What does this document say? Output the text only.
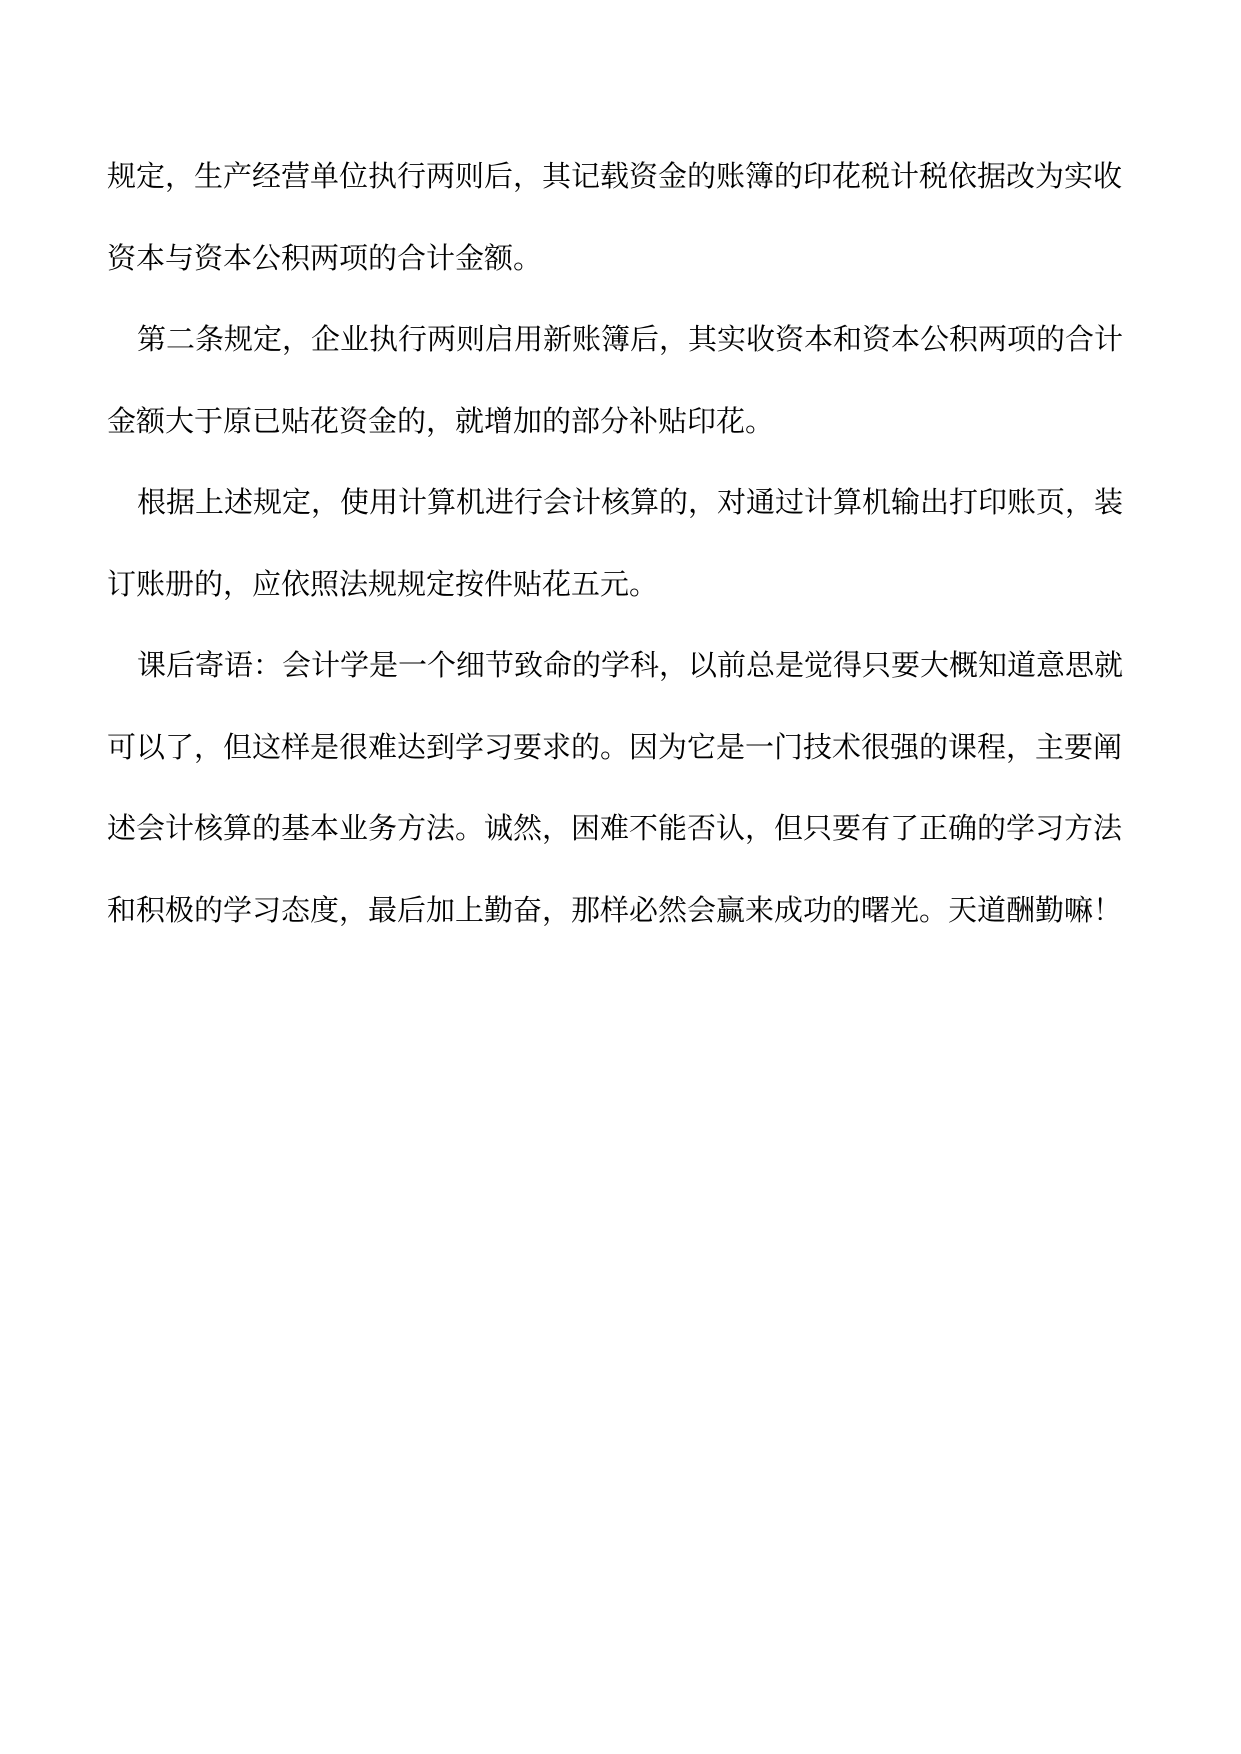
规定，生产经营单位执行两则后，其记载资金的账簿的印花税计税依据改为实收
资本与资本公积两项的合计金额。
第二条规定，企业执行两则启用新账簿后，其实收资本和资本公积两项的合计
金额大于原已贴花资金的，就增加的部分补贴印花。
根据上述规定，使用计算机进行会计核算的，对通过计算机输出打印账页，装
订账册的，应依照法规规定按件贴花五元。
课后寄语：会计学是一个细节致命的学科，以前总是觉得只要大概知道意思就
可以了，但这样是很难达到学习要求的。因为它是一门技术很强的课程，主要阐
述会计核算的基本业务方法。诚然，困难不能否认，但只要有了正确的学习方法
和积极的学习态度，最后加上勤奋，那样必然会赢来成功的曙光。天道酬勤嘛！
